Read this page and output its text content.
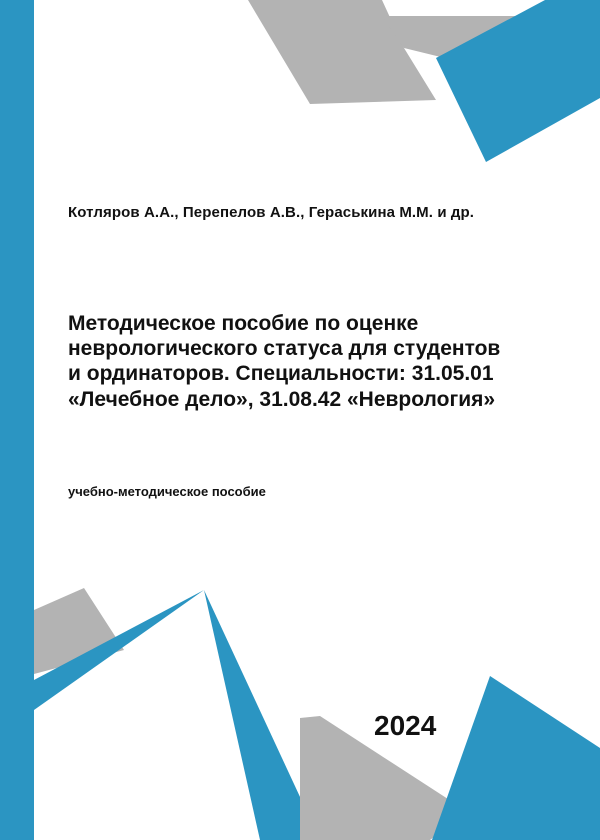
Котляров А.А., Перепелов А.В., Гераськина М.М. и др.

Методическое пособие по оценке
неврологического статуса для студентов
и ординаторов. Специальности: 31.05.01
«Лечебное дело», 31.08.42 «Неврология»

учебно-методическое пособие

2024
